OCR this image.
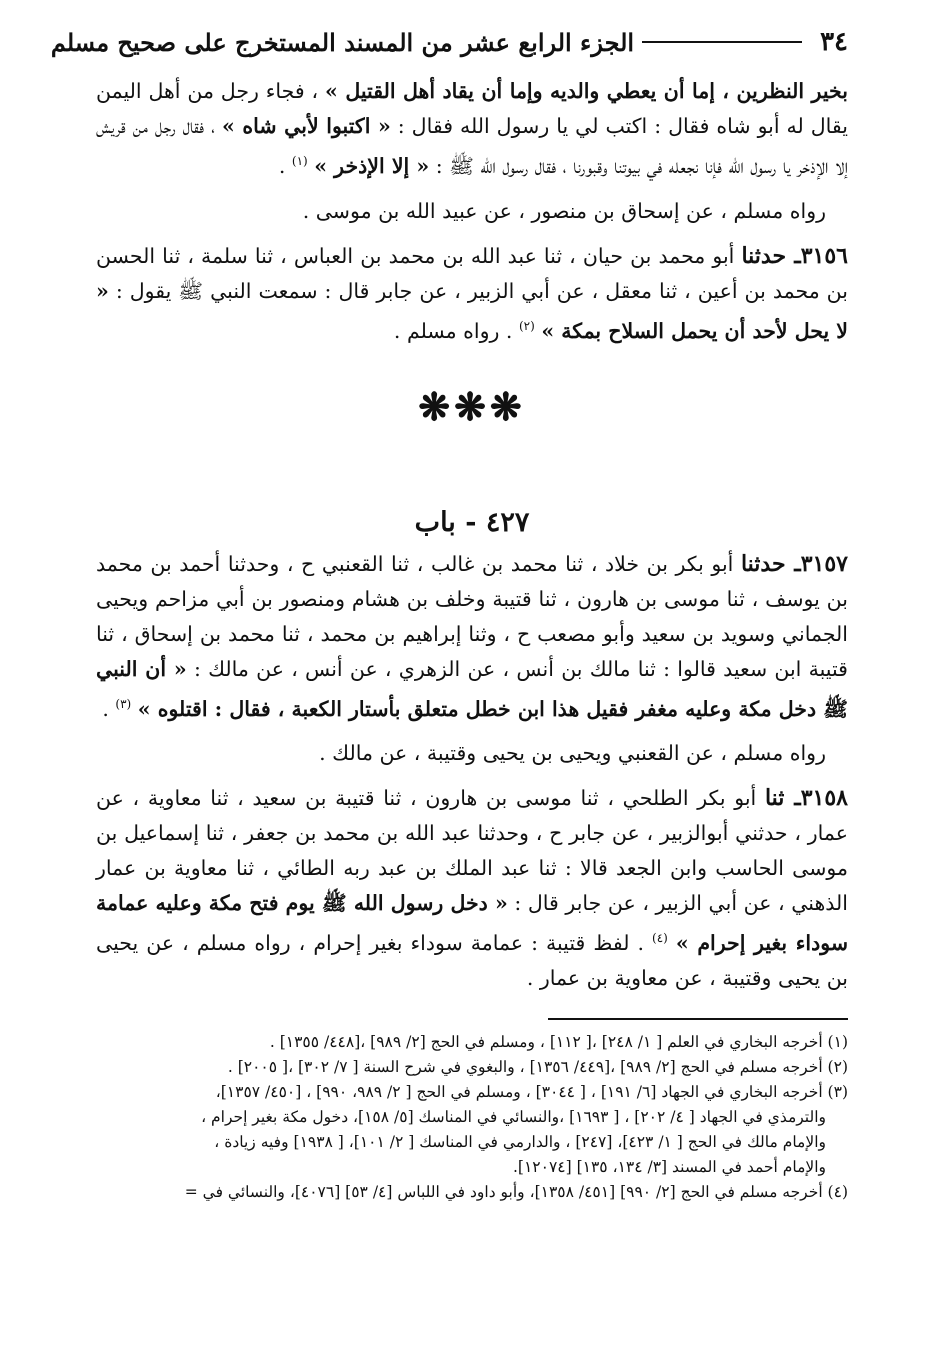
٣٤
الجزء الرابع عشر من المسند المستخرج على صحيح مسلم

بخير النظرين ، إما أن يعطي والديه وإما أن يقاد أهل القتيل » ، فجاء رجل من أهل اليمن يقال له أبو شاه فقال : اكتب لي يا رسول الله فقال : « اكتبوا لأبي شاه » ، فقال رجل من قريش إلا الإذخر يا رسول الله فإنا نجعله في بيوتنا وقبورنا ، فقال رسول الله ﷺ : « إلا الإذخر » $^{(١)}$ .

رواه مسلم ، عن إسحاق بن منصور ، عن عبيد الله بن موسى .

٣١٥٦ـ حدثنا أبو محمد بن حيان ، ثنا عبد الله بن محمد بن العباس ، ثنا سلمة ، ثنا الحسن بن محمد بن أعين ، ثنا معقل ، عن أبي الزبير ، عن جابر قال : سمعت النبي ﷺ يقول : « لا يحل لأحد أن يحمل السلاح بمكة » $^{(٢)}$ . رواه مسلم .

❋❋❋
٤٢٧ - باب

٣١٥٧ـ حدثنا أبو بكر بن خلاد ، ثنا محمد بن غالب ، ثنا القعنبي ح ، وحدثنا أحمد بن محمد بن يوسف ، ثنا موسى بن هارون ، ثنا قتيبة وخلف بن هشام ومنصور بن أبي مزاحم ويحيى الجماني وسويد بن سعيد وأبو مصعب ح ، وثنا إبراهيم بن محمد ، ثنا محمد بن إسحاق ، ثنا قتيبة ابن سعيد قالوا : ثنا مالك بن أنس ، عن الزهري ، عن أنس ، عن مالك : « أن النبي ﷺ دخل مكة وعليه مغفر فقيل هذا ابن خطل متعلق بأستار الكعبة ، فقال : اقتلوه » $^{(٣)}$ .

رواه مسلم ، عن القعنبي ويحيى بن يحيى وقتيبة ، عن مالك .

٣١٥٨ـ ثنا أبو بكر الطلحي ، ثنا موسى بن هارون ، ثنا قتيبة بن سعيد ، ثنا معاوية ، عن عمار ، حدثني أبوالزبير ، عن جابر ح ، وحدثنا عبد الله بن محمد بن جعفر ، ثنا إسماعيل بن موسى الحاسب وابن الجعد قالا : ثنا عبد الملك بن عبد ربه الطائي ، ثنا معاوية بن عمار الذهني ، عن أبي الزبير ، عن جابر قال : « دخل رسول الله ﷺ يوم فتح مكة وعليه عمامة سوداء بغير إحرام » $^{(٤)}$ . لفظ قتيبة : عمامة سوداء بغير إحرام ، رواه مسلم ، عن يحيى بن يحيى وقتيبة ، عن معاوية بن عمار .

(١) أخرجه البخاري في العلم [ ١/ ٢٤٨] ،[ ١١٢] ، ومسلم في الحج [٢/ ٩٨٩] ،[٤٤٨/ ١٣٥٥] .

(٢) أخرجه مسلم في الحج [٢/ ٩٨٩] ،[٤٤٩/ ١٣٥٦] ، والبغوي في شرح السنة [ ٧/ ٣٠٢] ،[ ٢٠٠٥] .

(٣) أخرجه البخاري في الجهاد [٦/ ١٩١] ، [ ٣٠٤٤] ، ومسلم في الحج [ ٢/ ٩٨٩، ٩٩٠] ، [٤٥٠/ ١٣٥٧]،

والترمذي في الجهاد [ ٤/ ٢٠٢] ، [ ١٦٩٣] ،والنسائي في المناسك [٥/ ١٥٨]، دخول مكة بغير إحرام ،

والإمام مالك في الحج [ ١/ ٤٢٣]، [٢٤٧] ، والدارمي في المناسك [ ٢/ ١٠١]، [ ١٩٣٨] وفيه زيادة ،

والإمام أحمد في المسند [٣/ ١٣٤، ١٣٥] [١٢٠٧٤].

(٤) أخرجه مسلم في الحج [٢/ ٩٩٠] [٤٥١/ ١٣٥٨]، وأبو داود في اللباس [٤/ ٥٣] [٤٠٧٦]، والنسائي في =
